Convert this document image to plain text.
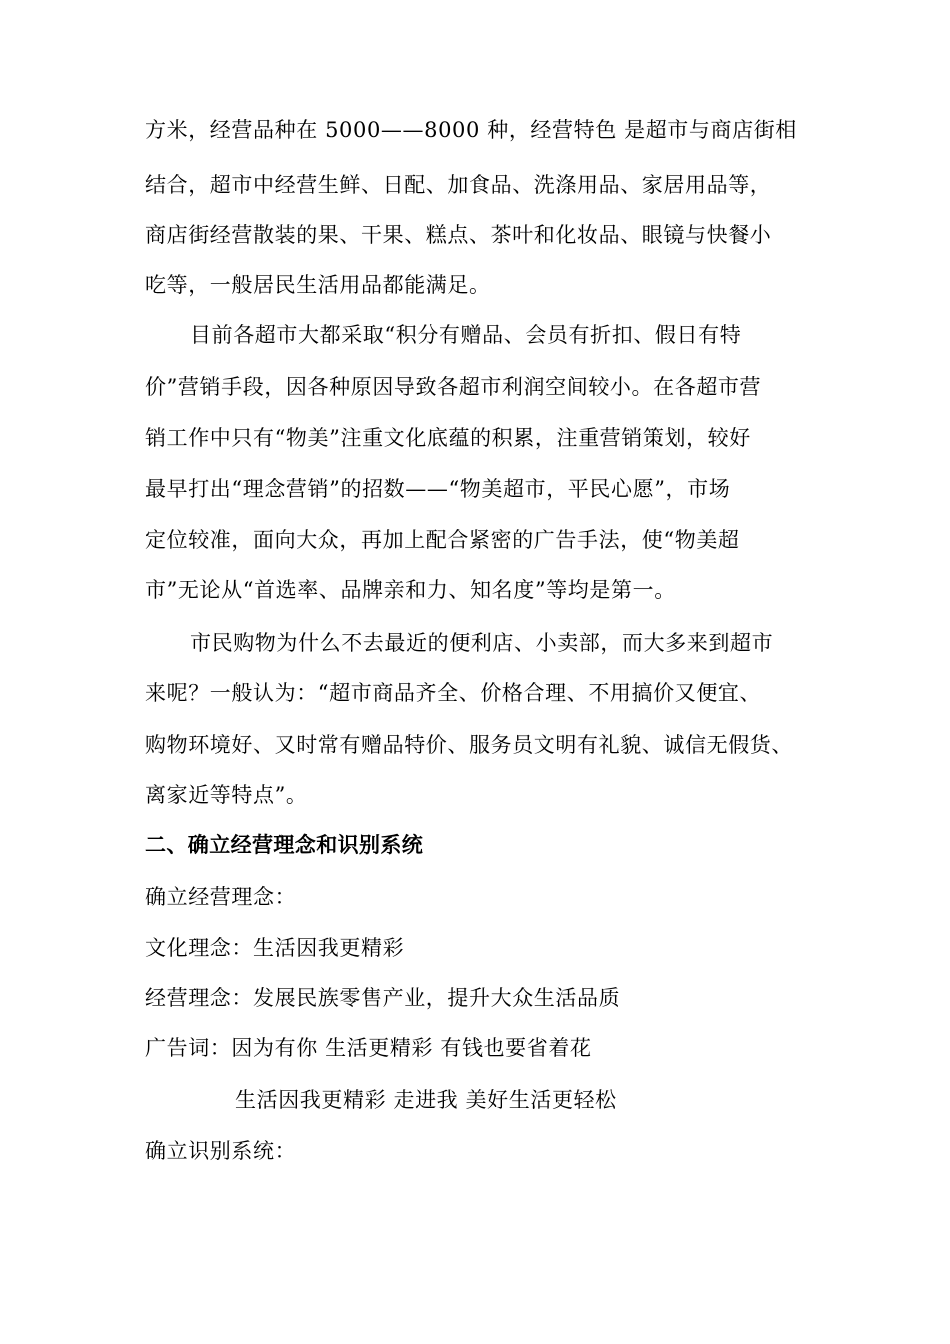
方米，经营品种在 5000——8000 种，经营特色 是超市与商店街相
结合，超市中经营生鲜、日配、加食品、洗涤用品、家居用品等，
商店街经营散装的果、干果、糕点、茶叶和化妆品、眼镜与快餐小
吃等，一般居民生活用品都能满足。
目前各超市大都采取“积分有赠品、会员有折扣、假日有特
价”营销手段，因各种原因导致各超市利润空间较小。在各超市营
销工作中只有“物美”注重文化底蕴的积累，注重营销策划，较好
最早打出“理念营销”的招数——“物美超市，平民心愿”，市场
定位较准，面向大众，再加上配合紧密的广告手法，使“物美超
市”无论从“首选率、品牌亲和力、知名度”等均是第一。
市民购物为什么不去最近的便利店、小卖部，而大多来到超市
来呢？一般认为：“超市商品齐全、价格合理、不用搞价又便宜、
购物环境好、又时常有赠品特价、服务员文明有礼貌、诚信无假货、
离家近等特点”。
二、确立经营理念和识别系统
确立经营理念：
文化理念：生活因我更精彩
经营理念：发展民族零售产业，提升大众生活品质
广告词：因为有你 生活更精彩 有钱也要省着花
生活因我更精彩 走进我 美好生活更轻松
确立识别系统：
